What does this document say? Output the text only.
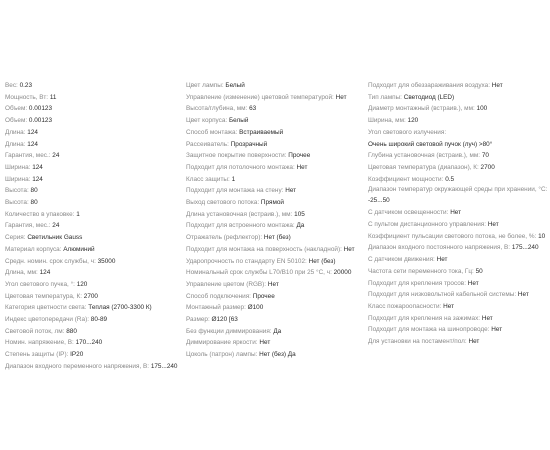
Вес: 0.23
Мощность, Вт: 11
Объем: 0.00123
Объем: 0.00123
Длина: 124
Длина: 124
Гарантия, мес.: 24
Ширина: 124
Ширина: 124
Высота: 80
Высота: 80
Количество в упаковке: 1
Гарантия, мес.: 24
Серия: Светильник Gauss
Материал корпуса: Алюминий
Средн. номин. срок службы, ч: 35000
Длина, мм: 124
Угол светового пучка, °: 120
Цветовая температура, К: 2700
Категория цветности света: Теплая (2700-3300 К)
Индекс цветопередачи (Ra): 80-89
Световой поток, лм: 880
Номин. напряжение, В: 170...240
Степень защиты (IP): IP20
Диапазон входного переменного напряжения, В: 175...240
Цвет лампы: Белый
Управление (изменение) цветовой температурой: Нет
Высота/глубина, мм: 63
Цвет корпуса: Белый
Способ монтажа: Встраиваемый
Рассеиватель: Прозрачный
Защитное покрытие поверхности: Прочее
Подходит для потолочного монтажа: Нет
Класс защиты: 1
Подходит для монтажа на стену: Нет
Выход светового потока: Прямой
Длина установочная (встраив.), мм: 105
Подходит для встроенного монтажа: Да
Отражатель (рефлектор): Нет (без)
Подходит для монтажа на поверхность (накладной): Нет
Ударопрочность по стандарту EN 50102: Нет (без)
Номинальный срок службы L70/B10 при 25 °C, ч: 20000
Управление цветом (RGB): Нет
Способ подключения: Прочее
Монтажный размер: Ø100
Размер: Ø120 [63
Без функции диммирования: Да
Диммирование яркости: Нет
Цоколь (патрон) лампы: Нет (без) Да
Подходит для обеззараживания воздуха: Нет
Тип лампы: Светодиод (LED)
Диаметр монтажный (встраив.), мм: 100
Ширина, мм: 120
Угол светового излучения:
Очень широкий световой пучок (луч) >80°
Глубина установочная (встраив.), мм: 70
Цветовая температура (диапазон), К: 2700
Коэффициент мощности: 0.5
Диапазон температур окружающей среды при хранении, °С: -25...50
С датчиком освещенности: Нет
С пультом дистанционного управления: Нет
Коэффициент пульсации светового потока, не более, %: 10
Диапазон входного постоянного напряжения, В: 175...240
С датчиком движения: Нет
Частота сети переменного тока, Гц: 50
Подходит для крепления тросов: Нет
Подходит для низковольтной кабельной системы: Нет
Класс пожароопасности: Нет
Подходит для крепления на зажимах: Нет
Подходит для монтажа на шинопроводе: Нет
Для установки на постамент/пол: Нет
